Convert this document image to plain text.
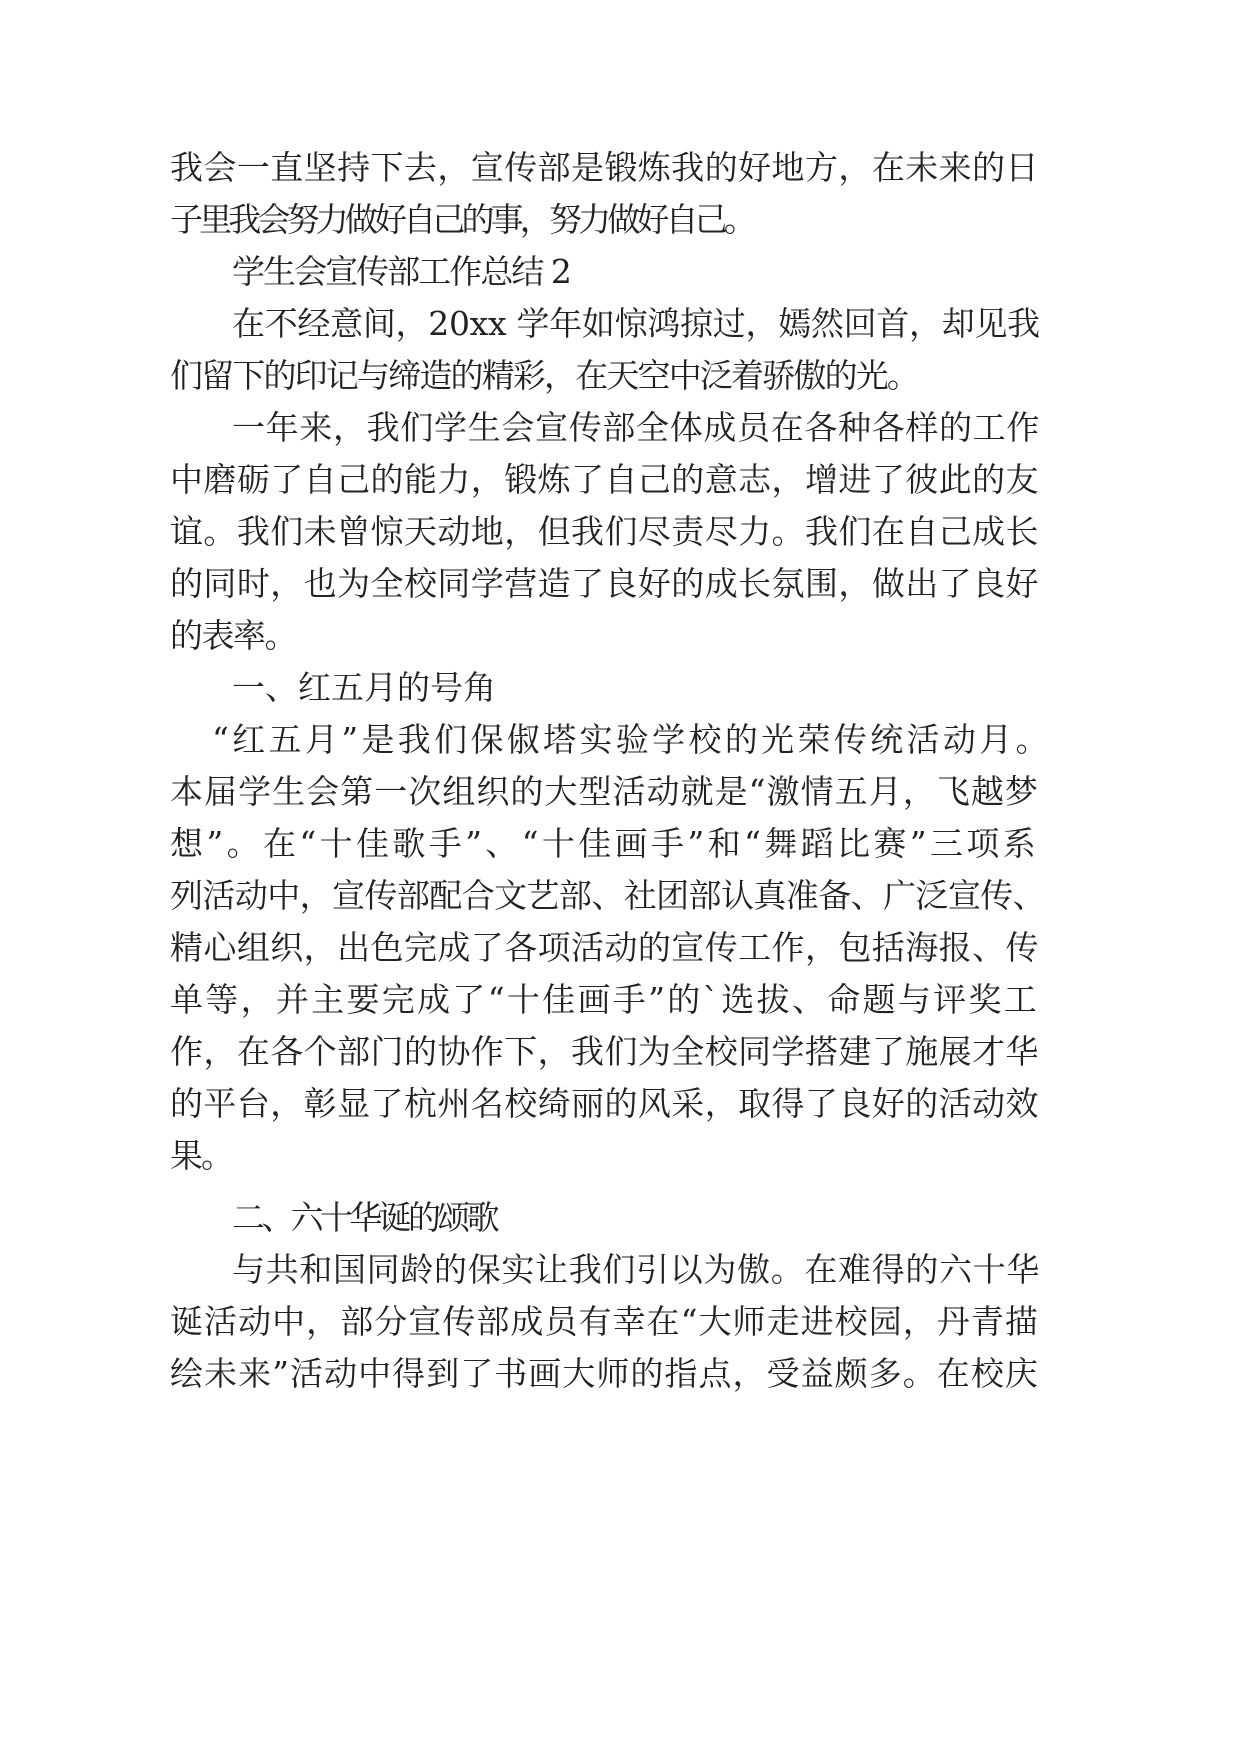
我会一直坚持下去，宣传部是锻炼我的好地方，在未来的日
子里我会努力做好自己的事，努力做好自己。
学生会宣传部工作总结 2
在不经意间，20xx 学年如惊鸿掠过，嫣然回首，却见我
们留下的印记与缔造的精彩，在天空中泛着骄傲的光。
一年来，我们学生会宣传部全体成员在各种各样的工作
中磨砺了自己的能力，锻炼了自己的意志，增进了彼此的友
谊。我们未曾惊天动地，但我们尽责尽力。我们在自己成长
的同时，也为全校同学营造了良好的成长氛围，做出了良好
的表率。
一、红五月的号角
“红五月”是我们保俶塔实验学校的光荣传统活动月。
本届学生会第一次组织的大型活动就是“激情五月，飞越梦
想”。在“十佳歌手”、“十佳画手”和“舞蹈比赛”三项系
列活动中，宣传部配合文艺部、社团部认真准备、广泛宣传、
精心组织，出色完成了各项活动的宣传工作，包括海报、传
单等，并主要完成了“十佳画手”的`选拔、命题与评奖工
作，在各个部门的协作下，我们为全校同学搭建了施展才华
的平台，彰显了杭州名校绮丽的风采，取得了良好的活动效
果。
二、六十华诞的颂歌
与共和国同龄的保实让我们引以为傲。在难得的六十华
诞活动中，部分宣传部成员有幸在“大师走进校园，丹青描
绘未来”活动中得到了书画大师的指点，受益颇多。在校庆
